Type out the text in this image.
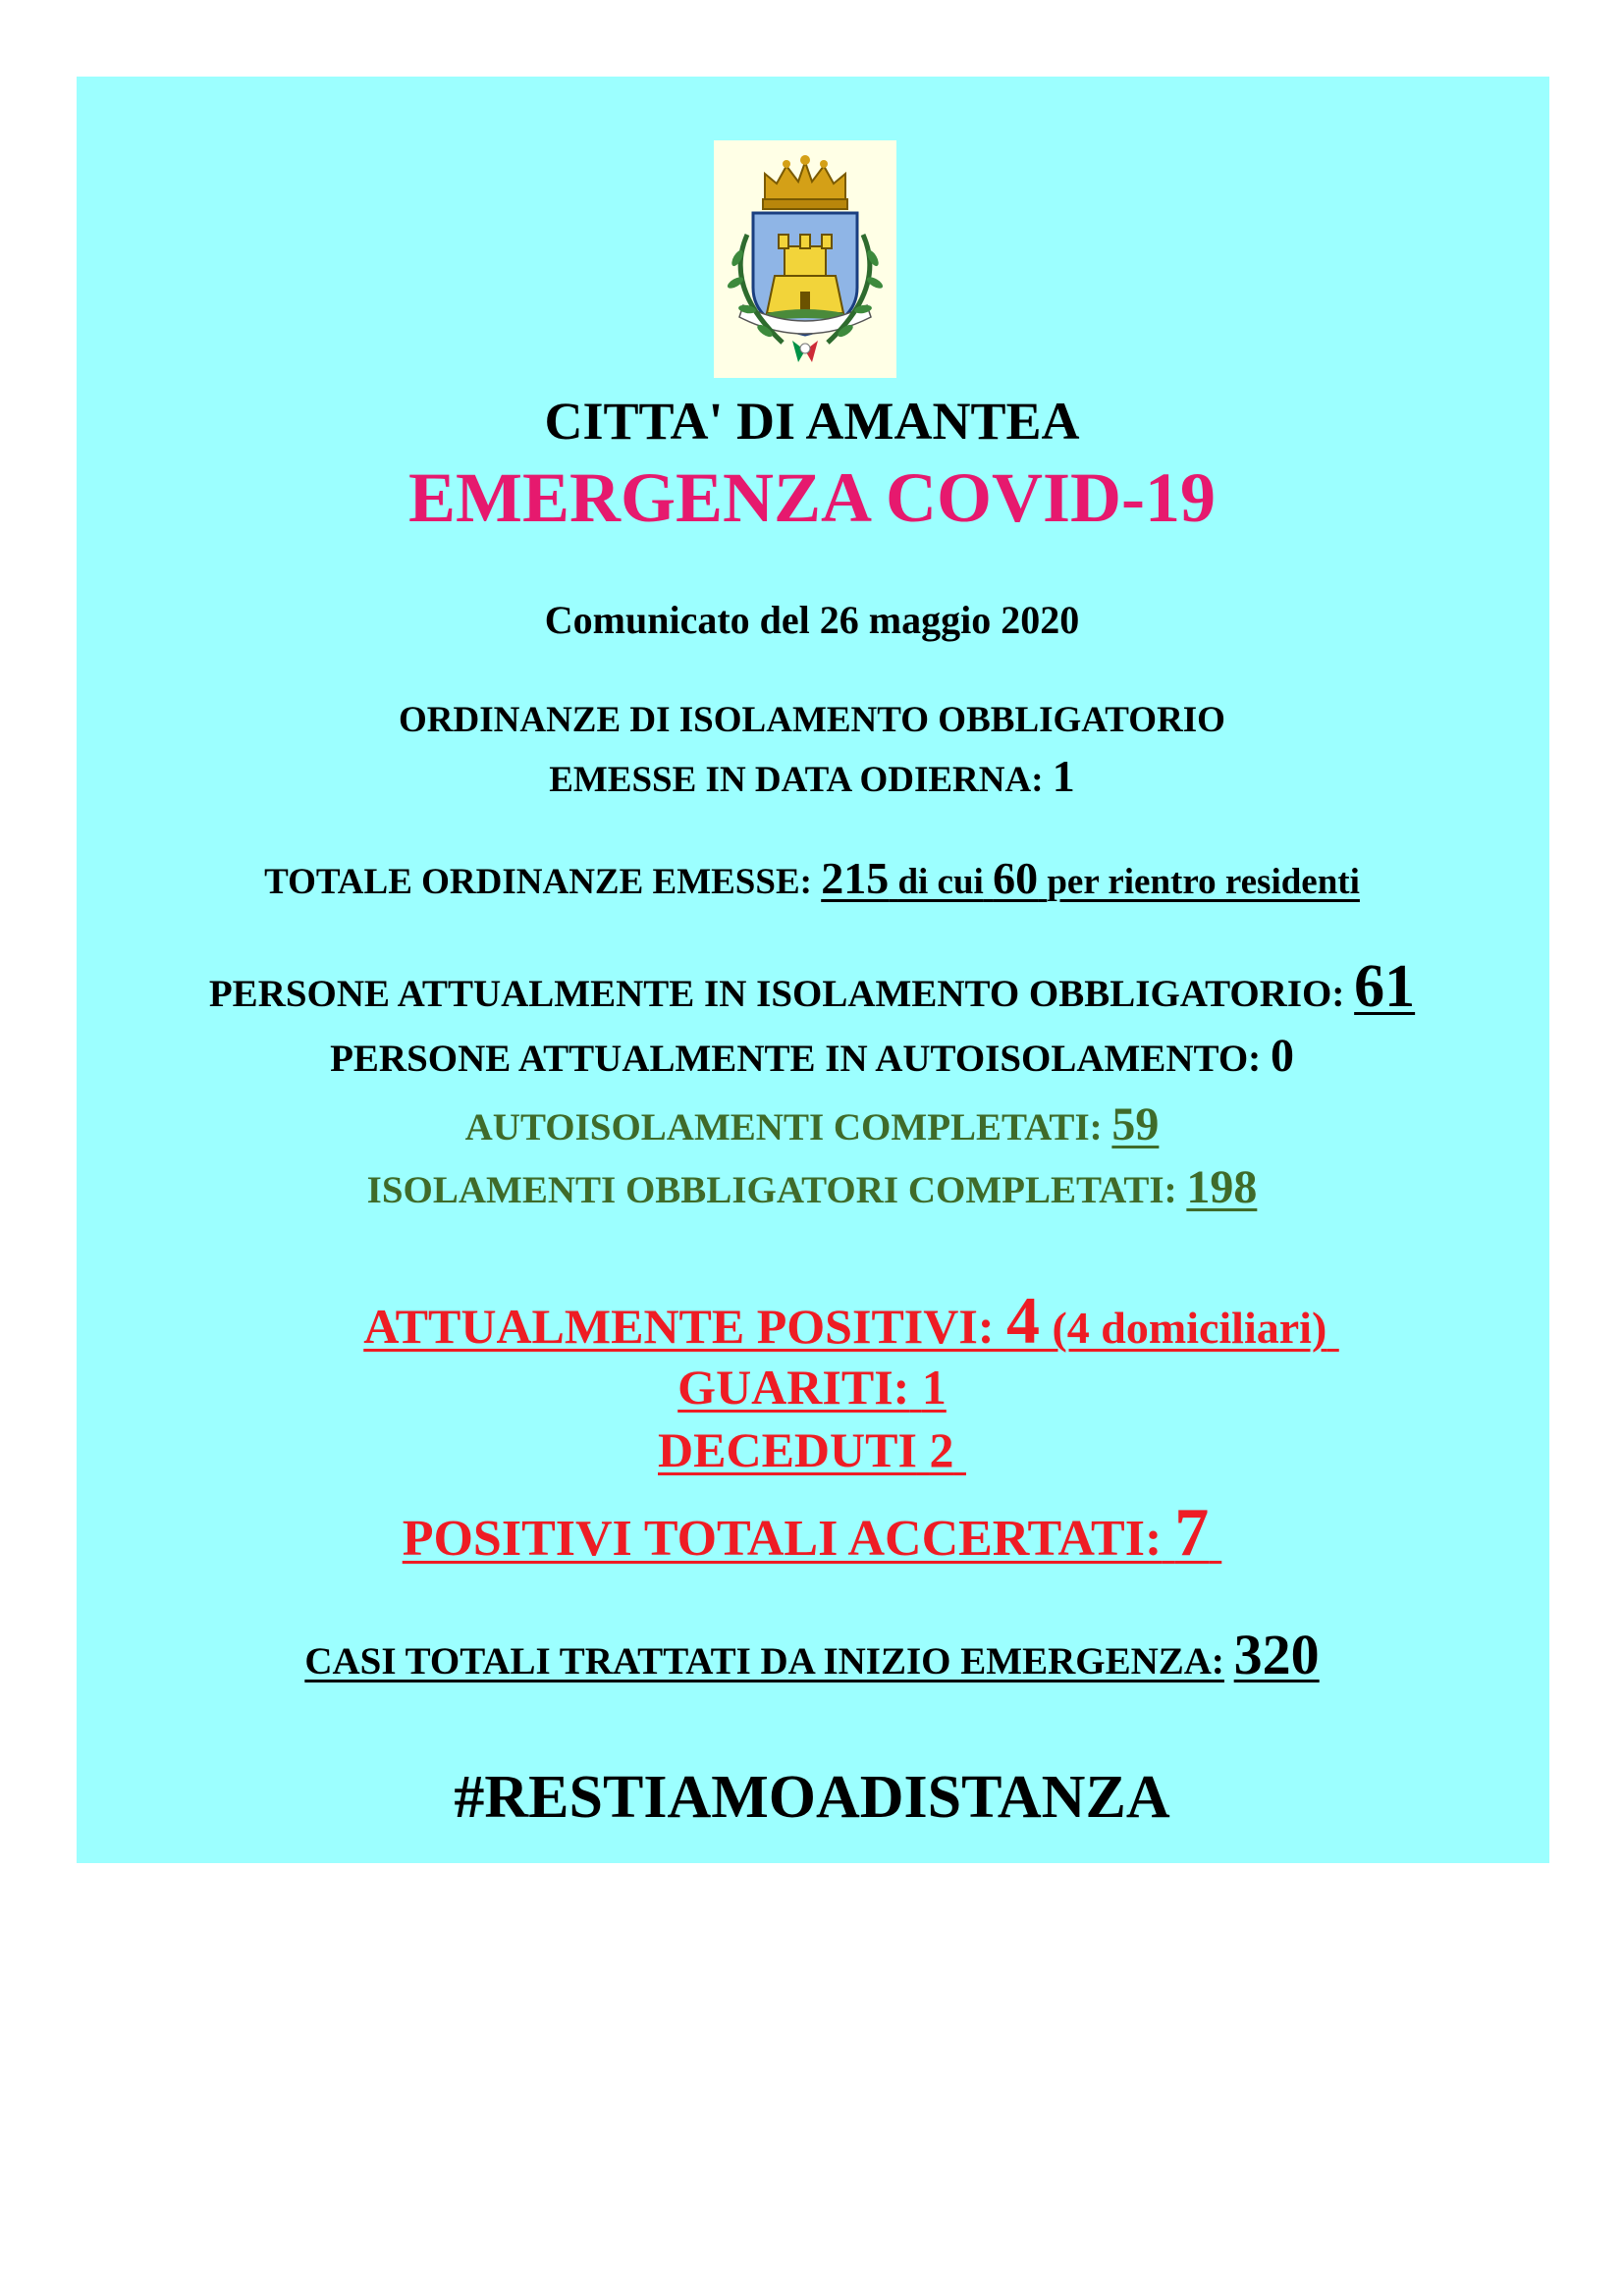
CITTA' DI AMANTEA
EMERGENZA COVID-19
Comunicato del 26 maggio 2020
ORDINANZE DI ISOLAMENTO OBBLIGATORIO
EMESSE IN DATA ODIERNA: 1
TOTALE ORDINANZE EMESSE: 215 di cui 60 per rientro residenti
PERSONE ATTUALMENTE IN ISOLAMENTO OBBLIGATORIO: 61
PERSONE ATTUALMENTE IN AUTOISOLAMENTO: 0
AUTOISOLAMENTI COMPLETATI: 59
ISOLAMENTI OBBLIGATORI COMPLETATI: 198
ATTUALMENTE POSITIVI: 4 (4 domiciliari)
GUARITI: 1
DECEDUTI 2
POSITIVI TOTALI ACCERTATI: 7
CASI TOTALI TRATTATI DA INIZIO EMERGENZA: 320
#RESTIAMOADISTANZA
